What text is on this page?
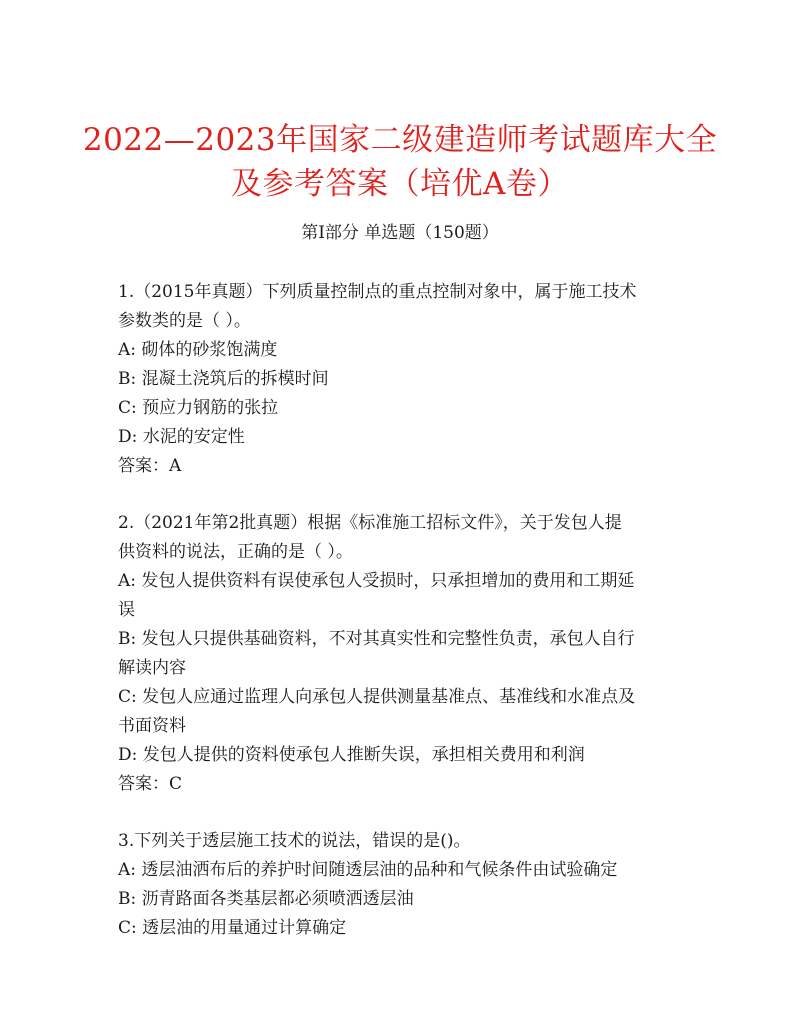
2022—2023年国家二级建造师考试题库大全
及参考答案（培优A卷）
第I部分 单选题（150题）
1.（2015年真题）下列质量控制点的重点控制对象中，属于施工技术
参数类的是（ ）。
A: 砌体的砂浆饱满度
B: 混凝土浇筑后的拆模时间
C: 预应力钢筋的张拉
D: 水泥的安定性
答案：A
2.（2021年第2批真题）根据《标准施工招标文件》，关于发包人提
供资料的说法，正确的是（ ）。
A: 发包人提供资料有误使承包人受损时，只承担增加的费用和工期延
误
B: 发包人只提供基础资料，不对其真实性和完整性负责，承包人自行
解读内容
C: 发包人应通过监理人向承包人提供测量基准点、基准线和水准点及
书面资料
D: 发包人提供的资料使承包人推断失误，承担相关费用和利润
答案：C
3.下列关于透层施工技术的说法，错误的是()。
A: 透层油洒布后的养护时间随透层油的品种和气候条件由试验确定
B: 沥青路面各类基层都必须喷洒透层油
C: 透层油的用量通过计算确定
